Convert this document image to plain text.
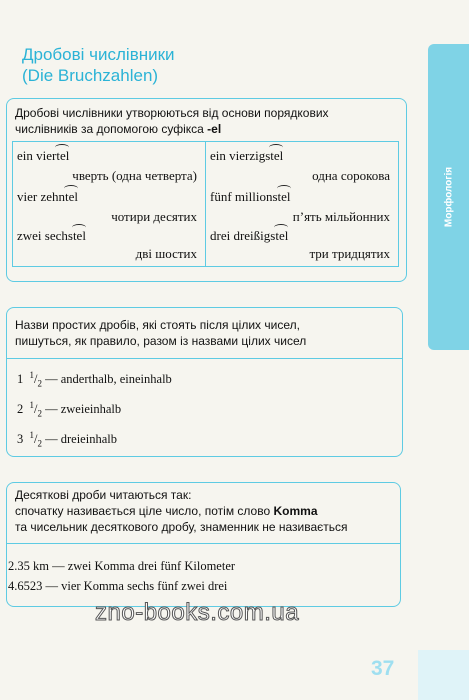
Дробові числівники
(Die Bruchzahlen)
Морфологія
Дробові числівники утворюються від основи порядкових
числівників за допомогою суфікса -el
ein viertel
чверть (одна четверта)
vier zehntel
чотири десятих
zwei sechstel
дві шостих
ein vierzigstel
одна сорокова
fünf millionstel
п’ять мільйонних
drei dreißigstel
три тридцятих
Назви простих дробів, які стоять після цілих чисел,
пишуться, як правило, разом із назвами цілих чисел
1 $^1/_2$ — anderthalb, eineinhalb
2 $^1/_2$ — zweieinhalb
3 $^1/_2$ — dreieinhalb
Десяткові дроби читаються так:
спочатку називається ціле число, потім слово Komma
та чисельник десяткового дробу, знаменник не називається
2.35 km — zwei Komma drei fünf Kilometer
4.6523 — vier Komma sechs fünf zwei drei
zno-books.com.ua
37
